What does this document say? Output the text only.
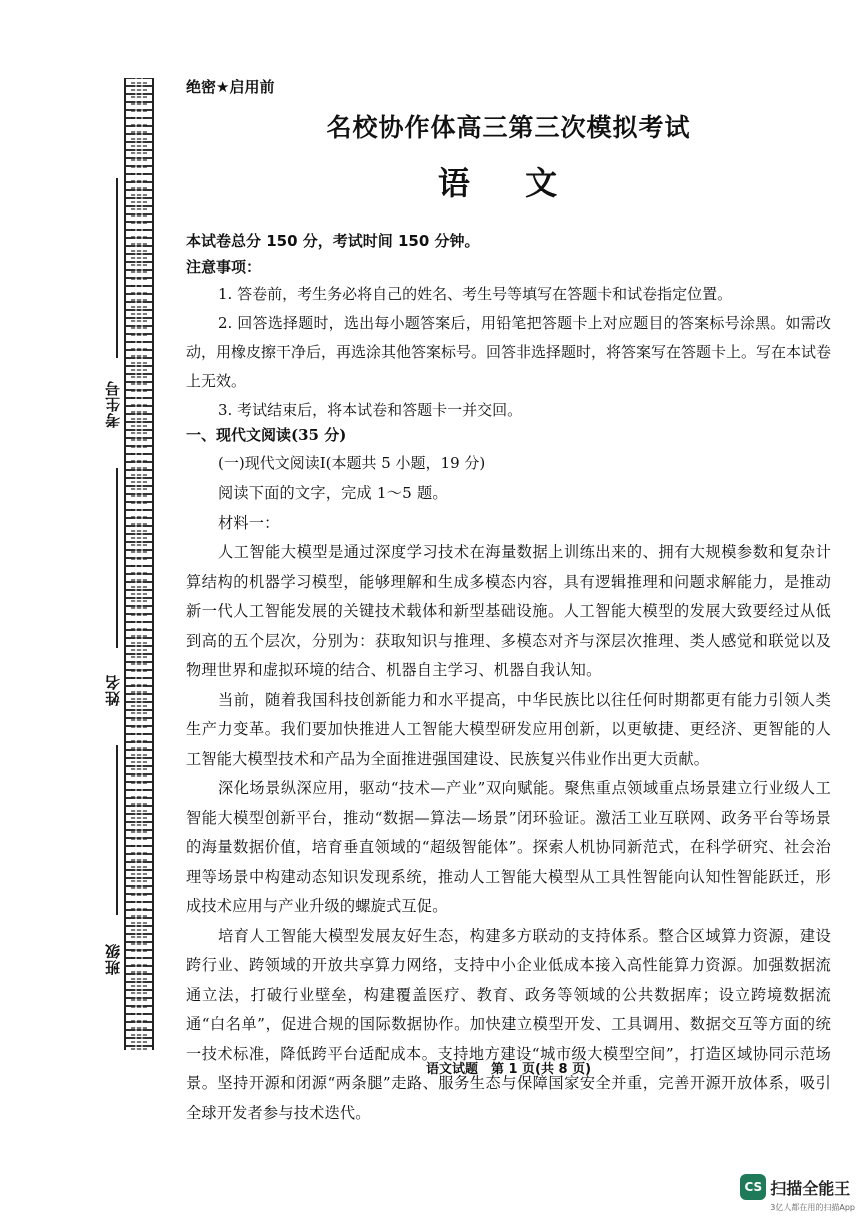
考生号
姓名
班级
绝密★启用前
名校协作体高三第三次模拟考试
语 文
本试卷总分 150 分，考试时间 150 分钟。
注意事项：
1. 答卷前，考生务必将自己的姓名、考生号等填写在答题卡和试卷指定位置。
2. 回答选择题时，选出每小题答案后，用铅笔把答题卡上对应题目的答案标号涂黑。如需改动，用橡皮擦干净后，再选涂其他答案标号。回答非选择题时，将答案写在答题卡上。写在本试卷上无效。
3. 考试结束后，将本试卷和答题卡一并交回。
一、现代文阅读(35 分)
(一)现代文阅读Ⅰ(本题共 5 小题，19 分)
阅读下面的文字，完成 1～5 题。
材料一：
人工智能大模型是通过深度学习技术在海量数据上训练出来的、拥有大规模参数和复杂计算结构的机器学习模型，能够理解和生成多模态内容，具有逻辑推理和问题求解能力，是推动新一代人工智能发展的关键技术载体和新型基础设施。人工智能大模型的发展大致要经过从低到高的五个层次，分别为：获取知识与推理、多模态对齐与深层次推理、类人感觉和联觉以及物理世界和虚拟环境的结合、机器自主学习、机器自我认知。
当前，随着我国科技创新能力和水平提高，中华民族比以往任何时期都更有能力引领人类生产力变革。我们要加快推进人工智能大模型研发应用创新，以更敏捷、更经济、更智能的人工智能大模型技术和产品为全面推进强国建设、民族复兴伟业作出更大贡献。
深化场景纵深应用，驱动“技术—产业”双向赋能。聚焦重点领域重点场景建立行业级人工智能大模型创新平台，推动“数据—算法—场景”闭环验证。激活工业互联网、政务平台等场景的海量数据价值，培育垂直领域的“超级智能体”。探索人机协同新范式，在科学研究、社会治理等场景中构建动态知识发现系统，推动人工智能大模型从工具性智能向认知性智能跃迁，形成技术应用与产业升级的螺旋式互促。
培育人工智能大模型发展友好生态，构建多方联动的支持体系。整合区域算力资源，建设跨行业、跨领域的开放共享算力网络，支持中小企业低成本接入高性能算力资源。加强数据流通立法，打破行业壁垒，构建覆盖医疗、教育、政务等领域的公共数据库；设立跨境数据流通“白名单”，促进合规的国际数据协作。加快建立模型开发、工具调用、数据交互等方面的统一技术标准，降低跨平台适配成本。支持地方建设“城市级大模型空间”，打造区域协同示范场景。坚持开源和闭源“两条腿”走路、服务生态与保障国家安全并重，完善开源开放体系，吸引全球开发者参与技术迭代。
语文试题　第 1 页(共 8 页)
CS 扫描全能王
3亿人都在用的扫描App
